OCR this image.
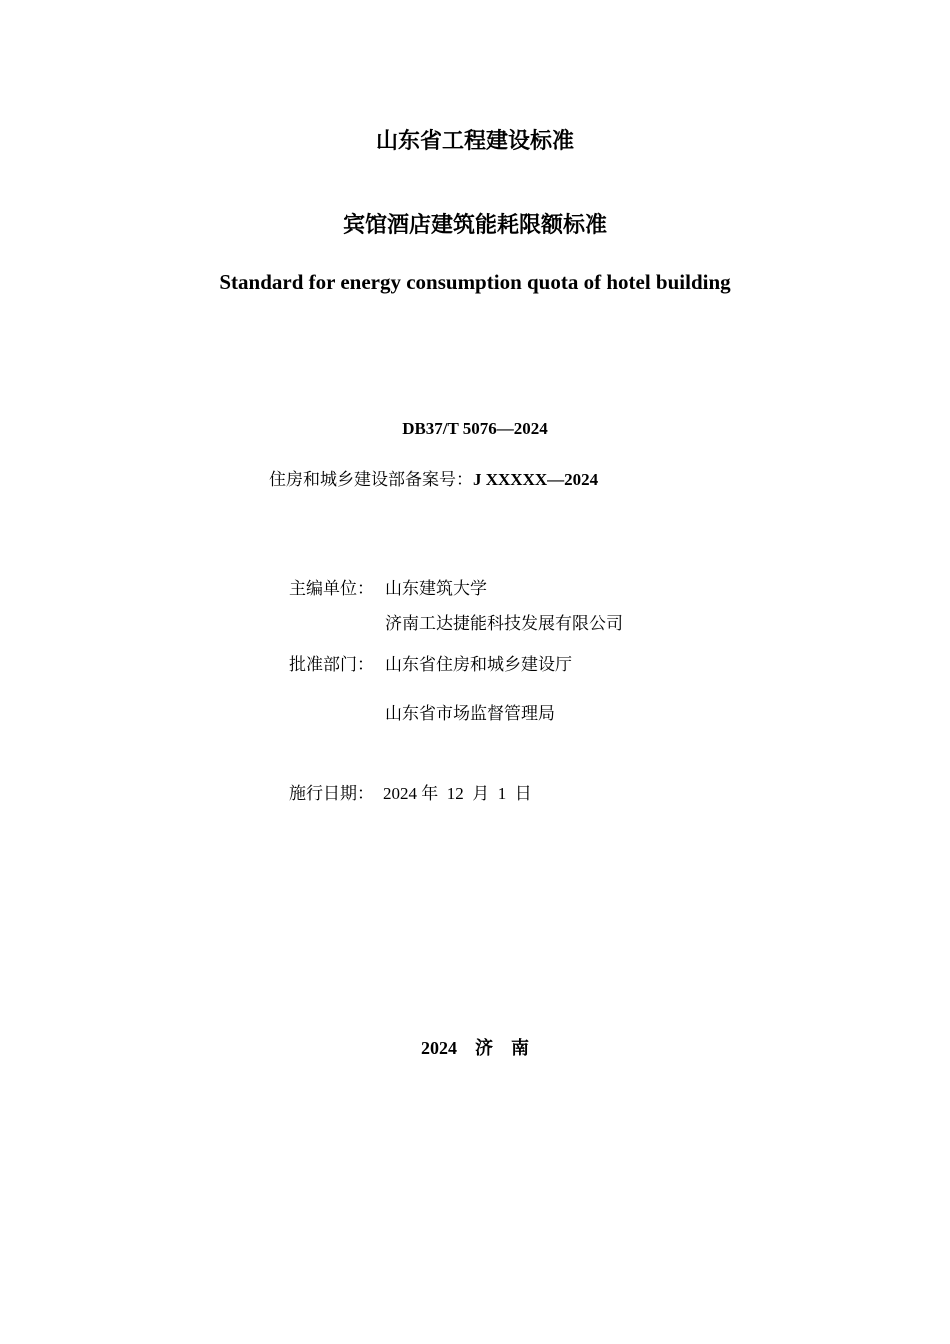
山东省工程建设标准
宾馆酒店建筑能耗限额标准
Standard for energy consumption quota of hotel building
DB37/T 5076—2024
住房和城乡建设部备案号：J XXXXX—2024
主编单位： 山东建筑大学
济南工达捷能科技发展有限公司
批准部门： 山东省住房和城乡建设厅
山东省市场监督管理局
施行日期： 2024 年  12  月  1  日
2024　济　南
